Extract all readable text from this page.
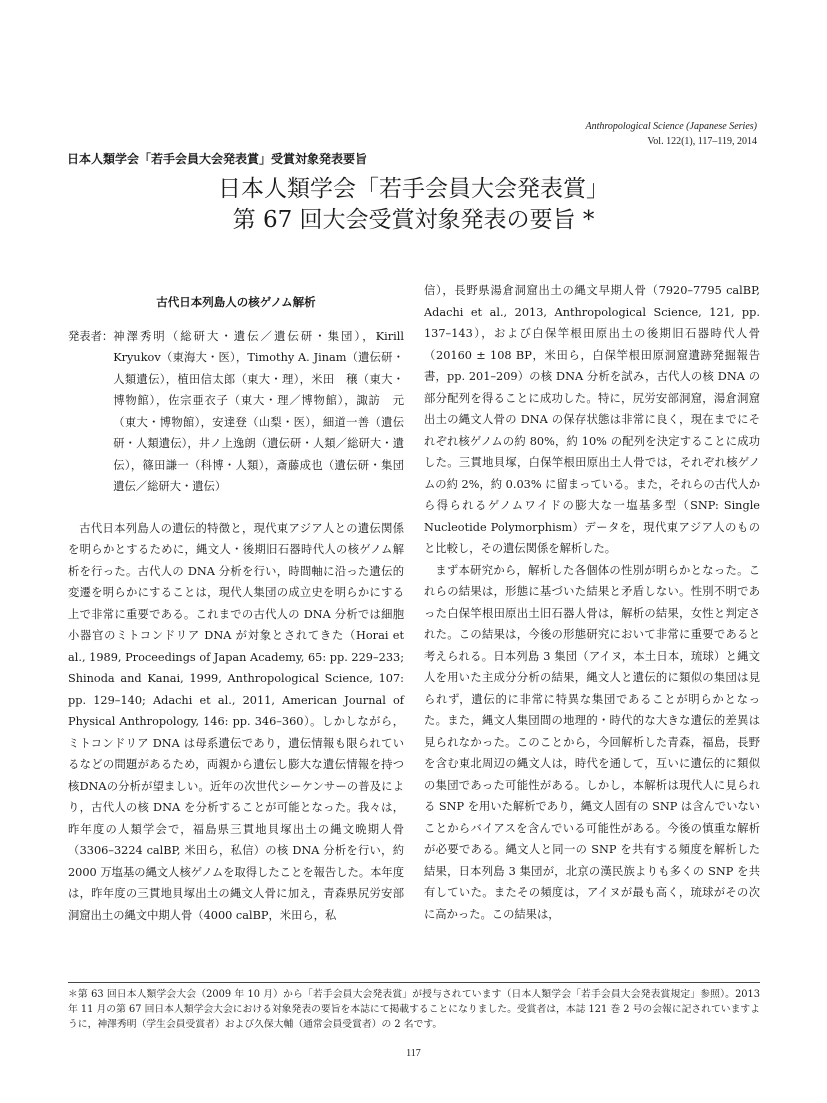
Anthropological Science (Japanese Series)
Vol. 122(1), 117–119, 2014
日本人類学会「若手会員大会発表賞」受賞対象発表要旨
日本人類学会「若手会員大会発表賞」
第 67 回大会受賞対象発表の要旨 *
古代日本列島人の核ゲノム解析
発表者： 神澤秀明（総研大・遺伝／遺伝研・集団），Kirill Kryukov（東海大・医），Timothy A. Jinam（遺伝研・人類遺伝），植田信太郎（東大・理），米田　穣（東大・博物館），佐宗亜衣子（東大・理／博物館），諏訪　元（東大・博物館），安達登（山梨・医），細道一善（遺伝研・人類遺伝），井ノ上逸朗（遺伝研・人類／総研大・遺伝），篠田謙一（科博・人類），斎藤成也（遺伝研・集団遺伝／総研大・遺伝）

古代日本列島人の遺伝的特徴と，現代東アジア人との遺伝関係を明らかとするために，縄文人・後期旧石器時代人の核ゲノム解析を行った。古代人の DNA 分析を行い，時間軸に沿った遺伝的変遷を明らかにすることは，現代人集団の成立史を明らかにする上で非常に重要である。これまでの古代人の DNA 分析では細胞小器官のミトコンドリア DNA が対象とされてきた（Horai et al., 1989, Proceedings of Japan Academy, 65: pp. 229–233; Shinoda and Kanai, 1999, Anthropological Science, 107: pp. 129–140; Adachi et al., 2011, American Journal of Physical Anthropology, 146: pp. 346–360）。しかしながら，ミトコンドリア DNA は母系遺伝であり，遺伝情報も限られているなどの問題があるため，両親から遺伝し膨大な遺伝情報を持つ核DNAの分析が望ましい。近年の次世代シーケンサーの普及により，古代人の核 DNA を分析することが可能となった。我々は，昨年度の人類学会で，福島県三貫地貝塚出土の縄文晩期人骨（3306–3224 calBP, 米田ら，私信）の核 DNA 分析を行い，約 2000 万塩基の縄文人核ゲノムを取得したことを報告した。本年度は，昨年度の三貫地貝塚出土の縄文人骨に加え，青森県尻労安部洞窟出土の縄文中期人骨（4000 calBP，米田ら，私

信），長野県湯倉洞窟出土の縄文早期人骨（7920–7795 calBP, Adachi et al., 2013, Anthropological Science, 121, pp. 137–143），および白保竿根田原出土の後期旧石器時代人骨（20160 ± 108 BP，米田ら，白保竿根田原洞窟遺跡発掘報告書，pp. 201–209）の核 DNA 分析を試み，古代人の核 DNA の部分配列を得ることに成功した。特に，尻労安部洞窟，湯倉洞窟出土の縄文人骨の DNA の保存状態は非常に良く，現在までにそれぞれ核ゲノムの約 80%，約 10% の配列を決定することに成功した。三貫地貝塚，白保竿根田原出土人骨では，それぞれ核ゲノムの約 2%，約 0.03% に留まっている。また，それらの古代人から得られるゲノムワイドの膨大な一塩基多型（SNP: Single Nucleotide Polymorphism）データを，現代東アジア人のものと比較し，その遺伝関係を解析した。

まず本研究から，解析した各個体の性別が明らかとなった。これらの結果は，形態に基づいた結果と矛盾しない。性別不明であった白保竿根田原出土旧石器人骨は，解析の結果，女性と判定された。この結果は，今後の形態研究において非常に重要であると考えられる。日本列島 3 集団（アイヌ，本土日本，琉球）と縄文人を用いた主成分分析の結果，縄文人と遺伝的に類似の集団は見られず，遺伝的に非常に特異な集団であることが明らかとなった。また，縄文人集団間の地理的・時代的な大きな遺伝的差異は見られなかった。このことから，今回解析した青森，福島，長野を含む東北周辺の縄文人は，時代を通して，互いに遺伝的に類似の集団であった可能性がある。しかし，本解析は現代人に見られる SNP を用いた解析であり，縄文人固有の SNP は含んでいないことからバイアスを含んでいる可能性がある。今後の慎重な解析が必要である。縄文人と同一の SNP を共有する頻度を解析した結果，日本列島 3 集団が，北京の漢民族よりも多くの SNP を共有していた。またその頻度は，アイヌが最も高く，琉球がその次に高かった。この結果は，

＊第 63 回日本人類学会大会（2009 年 10 月）から「若手会員大会発表賞」が授与されています（日本人類学会「若手会員大会発表賞規定」参照）。2013 年 11 月の第 67 回日本人類学会大会における対象発表の要旨を本誌にて掲載することになりました。受賞者は，本誌 121 巻 2 号の会報に記されていますように，神澤秀明（学生会員受賞者）および久保大輔（通常会員受賞者）の 2 名です。
117
